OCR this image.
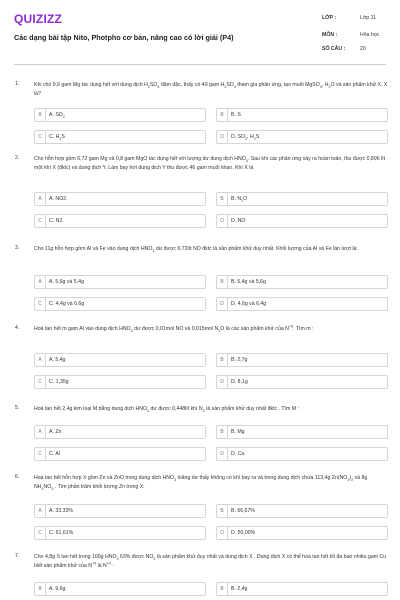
QUIZIZZ
Các dạng bài tập Nito, Photpho cơ bản, nâng cao có lời giải (P4)
LỚP :	Lớp 11
MÔN :	Hóa học
SỐ CÂU :	20
1.	Khi cho 9,6 gam Mg tác dụng hết với dung dịch $H_2SO_4$ đậm đặc, thấy có 49 gam $H_2SO_4$ tham gia phản ứng, tạo muối MgSO$_4$, $H_2O$ và sản phẩm khử X. X là?
A	A. $SO_2$	B	B. S
C	C. $H_2S$	D	D. $SO_2$, $H_2S$
2.	Cho hỗn hợp gồm 6,72 gam Mg và 0,8 gam MgO tác dụng hết với lượng dư dung dịch $HNO_3$. Sau khi các phản ứng xảy ra hoàn toàn, thu được 0,896 lít một khí X (đktc) và dung dịch Y. Làm bay hơi dung dịch Y thu được 46 gam muối khan. Khí X là
A	A. NO2.	B	B. $N_2O$
C	C. N2.	D	D. NO
3.	Cho 11g hỗn hợp gồm Al và Fe vào dung dịch $HNO_3$ dư được 6,72lít NO đktc là sản phẩm khử duy nhất. Khối lượng của Al và Fe lần lượt là:
A	A. 5,6g và 5,4g	B	B. 5,4g và 5,6g
C	C. 4,4g và 6,6g	D	D. 4,6g và 6,4g
4.	Hoà tan hết m gam Al vào dung dịch $HNO_3$ dư được 0,01mol NO và 0,015mol $N_2O$ là các sản phẩm khử của $N^{+5}$. Tìm m :
A	A. 5,4g	B	B. 2,7g
C	C. 1,35g	D	D. 8,1g
5.	Hoà tan hết 2,4g kim loại M bằng dung dịch $HNO_3$ dư được 0,448lít khí $N_2$ là sản phẩm khử duy nhất đktc . Tìm M :
A	A. Zn	B	B. Mg
C	C. Al	D	D. Ca
6.	Hoà tan hết hỗn hợp X gồm Zn và ZnO trong dung dịch $HNO_3$ loãng dư thấy không có khí bay ra và trong dung dịch chứa 113,4g $Zn(NO_3)_2$ và 8g $NH_4NO_3$ . Tìm phần trăm khối lượng Zn trong X:
A	A. 33,33%	B	B. 66,67%
C	C. 61,61%	D	D. 50,00%
7.	Cho 4,8g S tan hết trong 100g $HNO_3$ 63% được $NO_2$ là sản phẩm khử duy nhất và dung dịch X . Dung dịch X có thể hoà tan hết tối đa bao nhiêu gam Cu biết sản phẩm khử của $N^{+5}$ là $N^{+2}$ :
A	A. 9,6g	B	B. 2,4g
